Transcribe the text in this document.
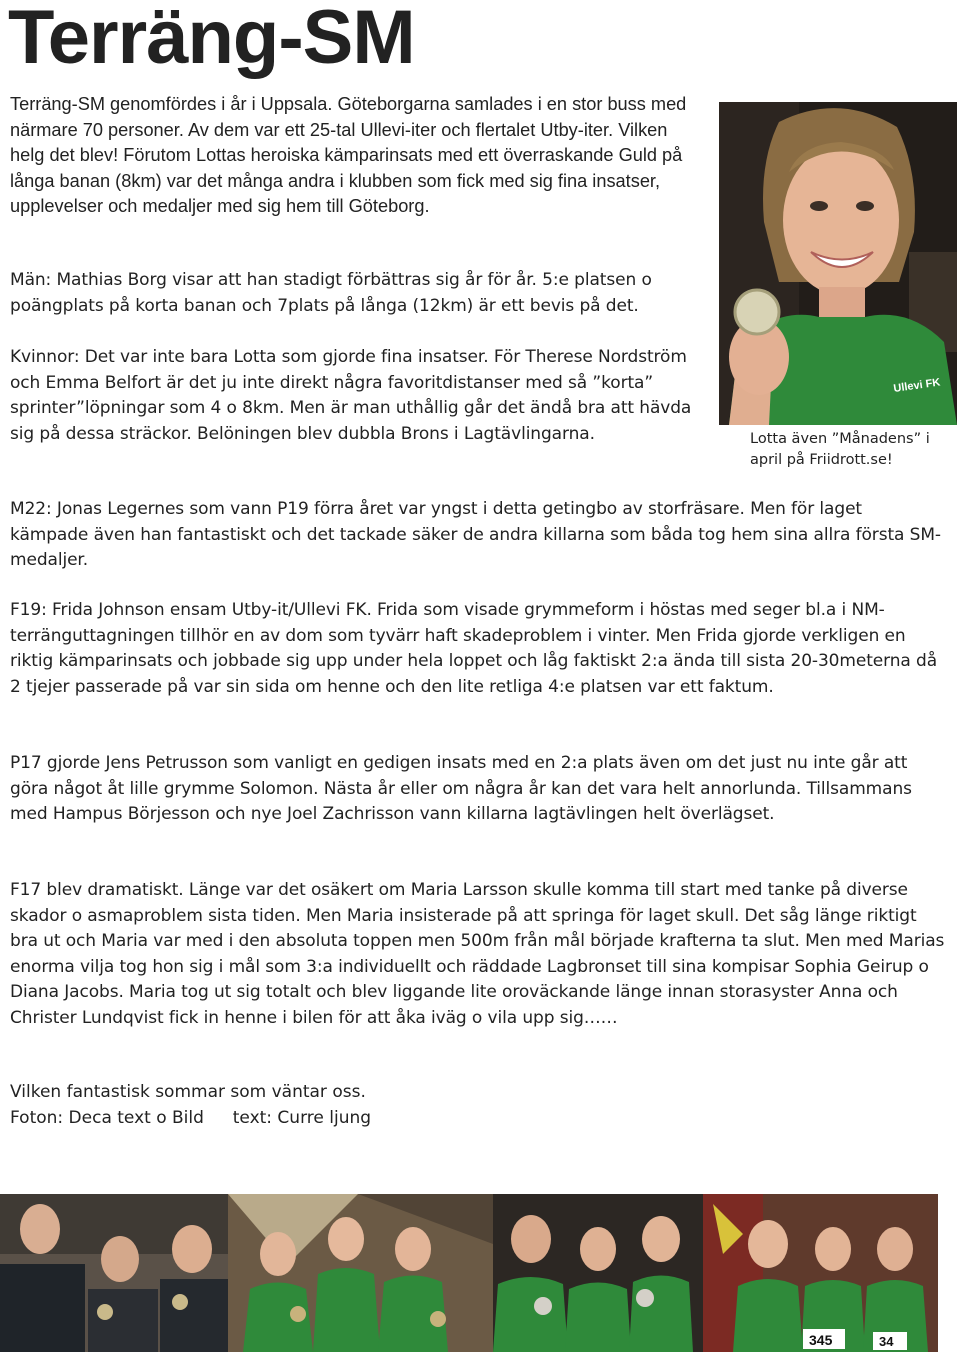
Terräng-SM

Terräng-SM genomfördes i år i Uppsala. Göteborgarna samlades i en stor buss med närmare 70 personer. Av dem var ett 25-tal Ullevi-iter och flertalet Utby-iter. Vilken helg det blev! Förutom Lottas heroiska kämparinsats med ett överraskande Guld på långa banan (8km) var det många andra i klubben som fick med sig fina insatser, upplevelser och medaljer med sig hem till Göteborg.

Män: Mathias Borg visar att han stadigt förbättras sig år för år. 5:e platsen o poängplats på korta banan och 7plats på långa (12km) är ett bevis på det.

Kvinnor: Det var inte bara Lotta som gjorde fina insatser. För Therese Nordström och Emma Belfort är det ju inte direkt några favoritdistanser med så ”korta” sprinter”löpningar som 4 o 8km. Men är man uthållig går det ändå bra att hävda sig på dessa sträckor. Belöningen blev dubbla Brons i Lagtävlingarna.

Ullevi FK

Lotta även ”Månadens” i april på Friidrott.se!

M22: Jonas Legernes som vann P19 förra året var yngst i detta getingbo av storfräsare. Men för laget kämpade även han fantastiskt och det tackade säker de andra killarna som båda tog hem sina allra första SM-medaljer.

F19: Frida Johnson ensam Utby-it/Ullevi FK. Frida som visade grymmeform i höstas med seger bl.a i NM-terränguttagningen tillhör en av dom som tyvärr haft skadeproblem i vinter. Men Frida gjorde verkligen en riktig kämparinsats och jobbade sig upp under hela loppet och låg faktiskt 2:a ända till sista 20-30meterna då 2 tjejer passerade på var sin sida om henne och den lite retliga 4:e platsen var ett faktum.

P17 gjorde Jens Petrusson som vanligt en gedigen insats med en 2:a plats även om det just nu inte går att göra något åt lille grymme Solomon. Nästa år eller om några år kan det vara helt annorlunda. Tillsammans med Hampus Börjesson och nye Joel Zachrisson vann killarna lagtävlingen helt överlägset.

F17 blev dramatiskt. Länge var det osäkert om Maria Larsson skulle komma till start med tanke på diverse skador o asmaproblem sista tiden. Men Maria insisterade på att springa för laget skull. Det såg länge riktigt bra ut och Maria var med i den absoluta toppen men 500m från mål började krafterna ta slut. Men med Marias enorma vilja tog hon sig i mål som 3:a individuellt och räddade Lagbronset till sina kompisar Sophia Geirup o Diana Jacobs. Maria tog ut sig totalt och blev liggande lite oroväckande länge innan storasyster Anna och Christer Lundqvist fick in henne i bilen för att åka iväg o vila upp sig……

Vilken fantastisk sommar som väntar oss.
Foton: Deca text o Bild text: Curre ljung
345	34
